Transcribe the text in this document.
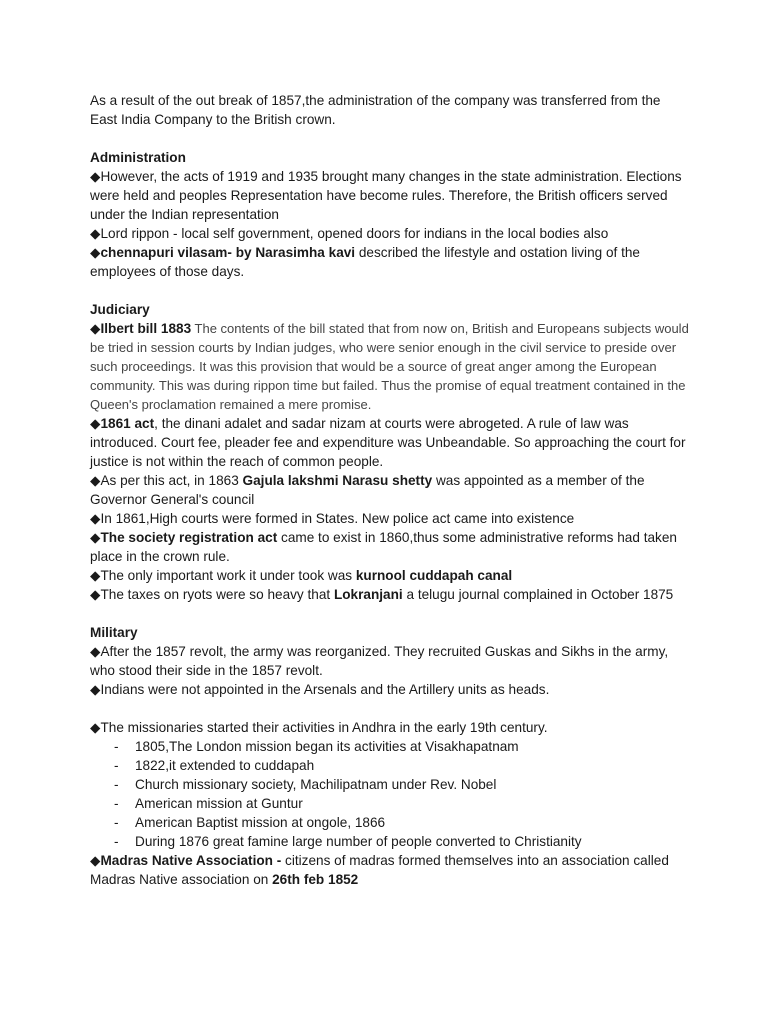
As a result of the out break of 1857,the administration of the company was transferred from the East India Company to the British crown.

Administration

◆However, the acts of 1919 and 1935 brought many changes in the state administration. Elections were held and peoples Representation have become rules. Therefore, the British officers served under the Indian representation

◆Lord rippon - local self government, opened doors for indians in the local bodies also

◆chennapuri vilasam- by Narasimha kavi described the lifestyle and ostation living of the employees of those days.

Judiciary

◆Ilbert bill 1883 The contents of the bill stated that from now on, British and Europeans subjects would be tried in session courts by Indian judges, who were senior enough in the civil service to preside over such proceedings. It was this provision that would be a source of great anger among the European community. This was during rippon time but failed. Thus the promise of equal treatment contained in the Queen's proclamation remained a mere promise.

◆1861 act, the dinani adalet and sadar nizam at courts were abrogeted. A rule of law was introduced. Court fee, pleader fee and expenditure was Unbeandable. So approaching the court for justice is not within the reach of common people.

◆As per this act, in 1863 Gajula lakshmi Narasu shetty was appointed as a member of the Governor General's council

◆In 1861,High courts were formed in States. New police act came into existence

◆The society registration act came to exist in 1860,thus some administrative reforms had taken place in the crown rule.

◆The only important work it under took was kurnool cuddapah canal

◆The taxes on ryots were so heavy that Lokranjani a telugu journal complained in October 1875

Military

◆After the 1857 revolt, the army was reorganized. They recruited Guskas and Sikhs in the army, who stood their side in the 1857 revolt.

◆Indians were not appointed in the Arsenals and the Artillery units as heads.

◆The missionaries started their activities in Andhra in the early 19th century.

- 1805,The London mission began its activities at Visakhapatnam
- 1822,it extended to cuddapah
- Church missionary society, Machilipatnam under Rev. Nobel
- American mission at Guntur
- American Baptist mission at ongole, 1866
- During 1876 great famine large number of people converted to Christianity

◆Madras Native Association - citizens of madras formed themselves into an association called Madras Native association on 26th feb 1852
